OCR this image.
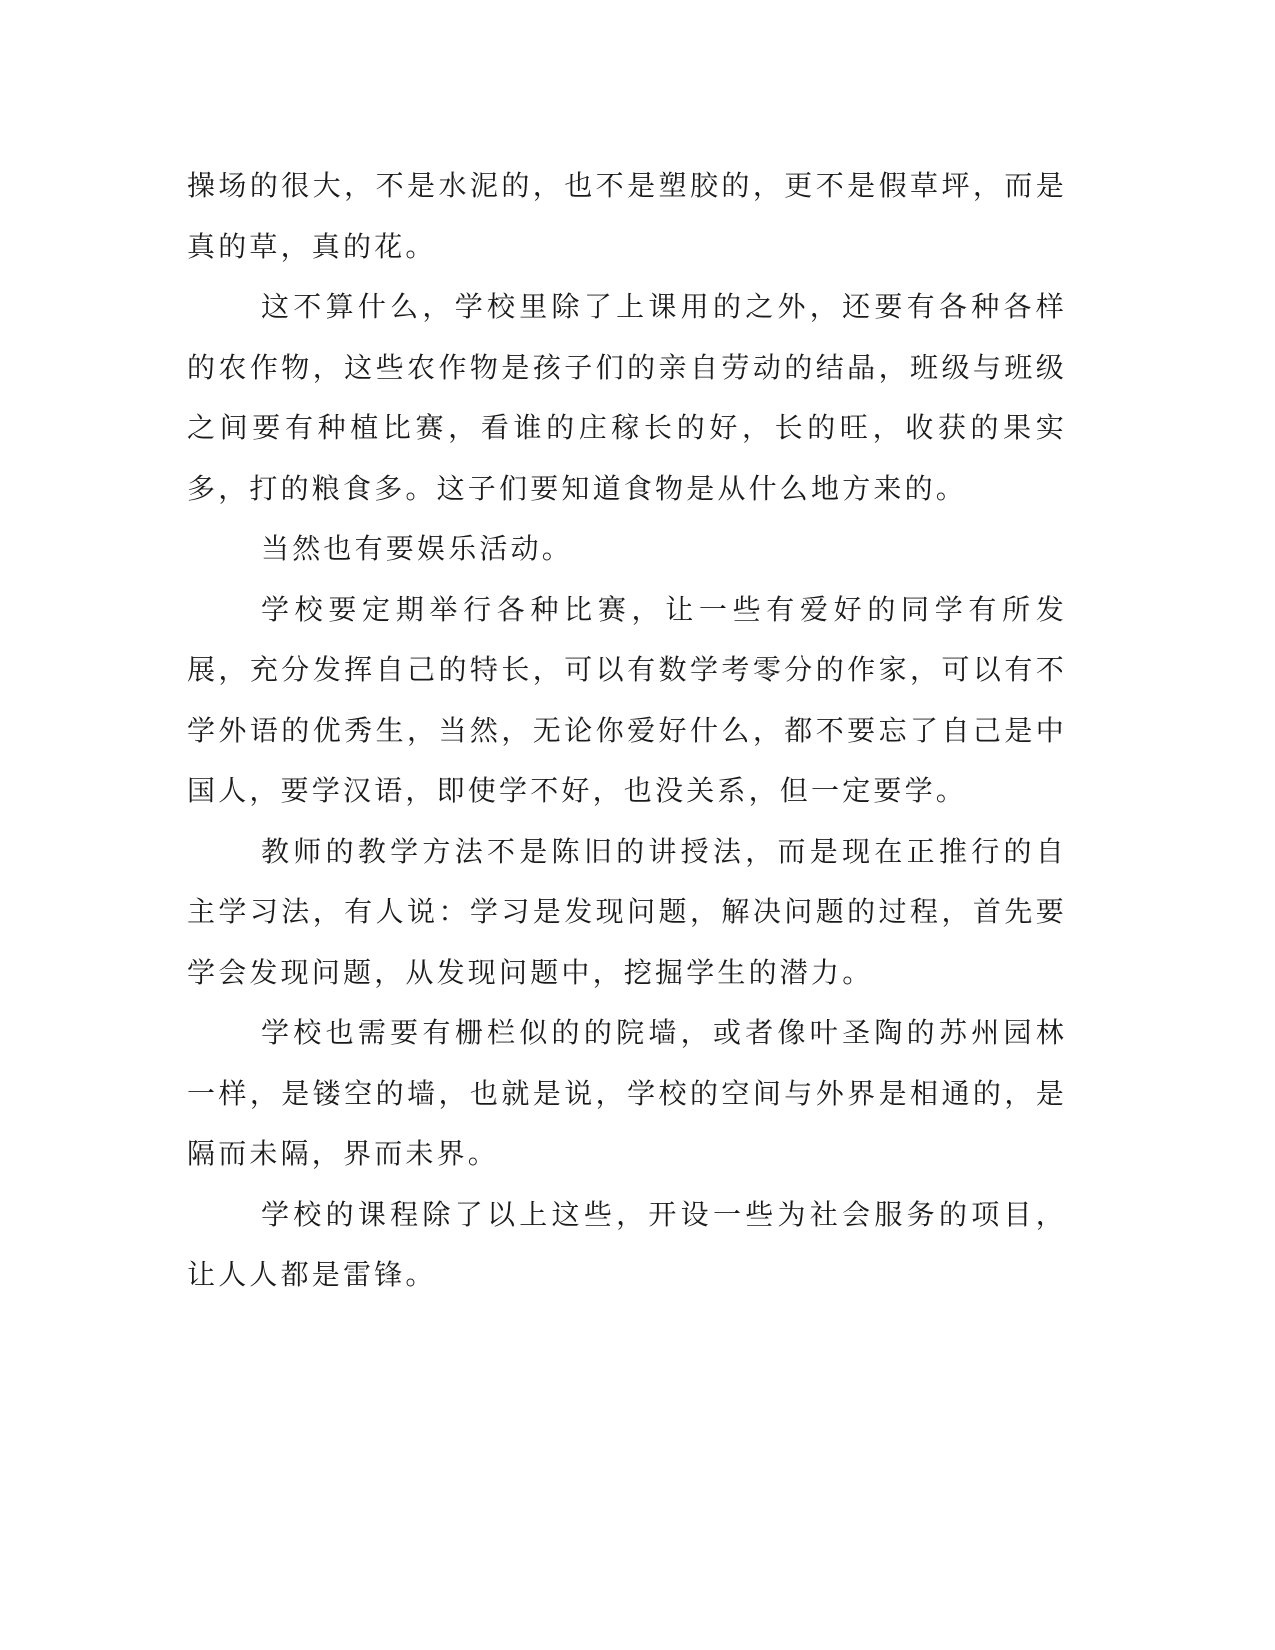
操场的很大，不是水泥的，也不是塑胶的，更不是假草坪，而是真的草，真的花。

这不算什么，学校里除了上课用的之外，还要有各种各样的农作物，这些农作物是孩子们的亲自劳动的结晶，班级与班级之间要有种植比赛，看谁的庄稼长的好，长的旺，收获的果实多，打的粮食多。这子们要知道食物是从什么地方来的。

当然也有要娱乐活动。

学校要定期举行各种比赛，让一些有爱好的同学有所发展，充分发挥自己的特长，可以有数学考零分的作家，可以有不学外语的优秀生，当然，无论你爱好什么，都不要忘了自己是中国人，要学汉语，即使学不好，也没关系，但一定要学。

教师的教学方法不是陈旧的讲授法，而是现在正推行的自主学习法，有人说：学习是发现问题，解决问题的过程，首先要学会发现问题，从发现问题中，挖掘学生的潜力。

学校也需要有栅栏似的的院墙，或者像叶圣陶的苏州园林一样，是镂空的墙，也就是说，学校的空间与外界是相通的，是隔而未隔，界而未界。

学校的课程除了以上这些，开设一些为社会服务的项目，让人人都是雷锋。
